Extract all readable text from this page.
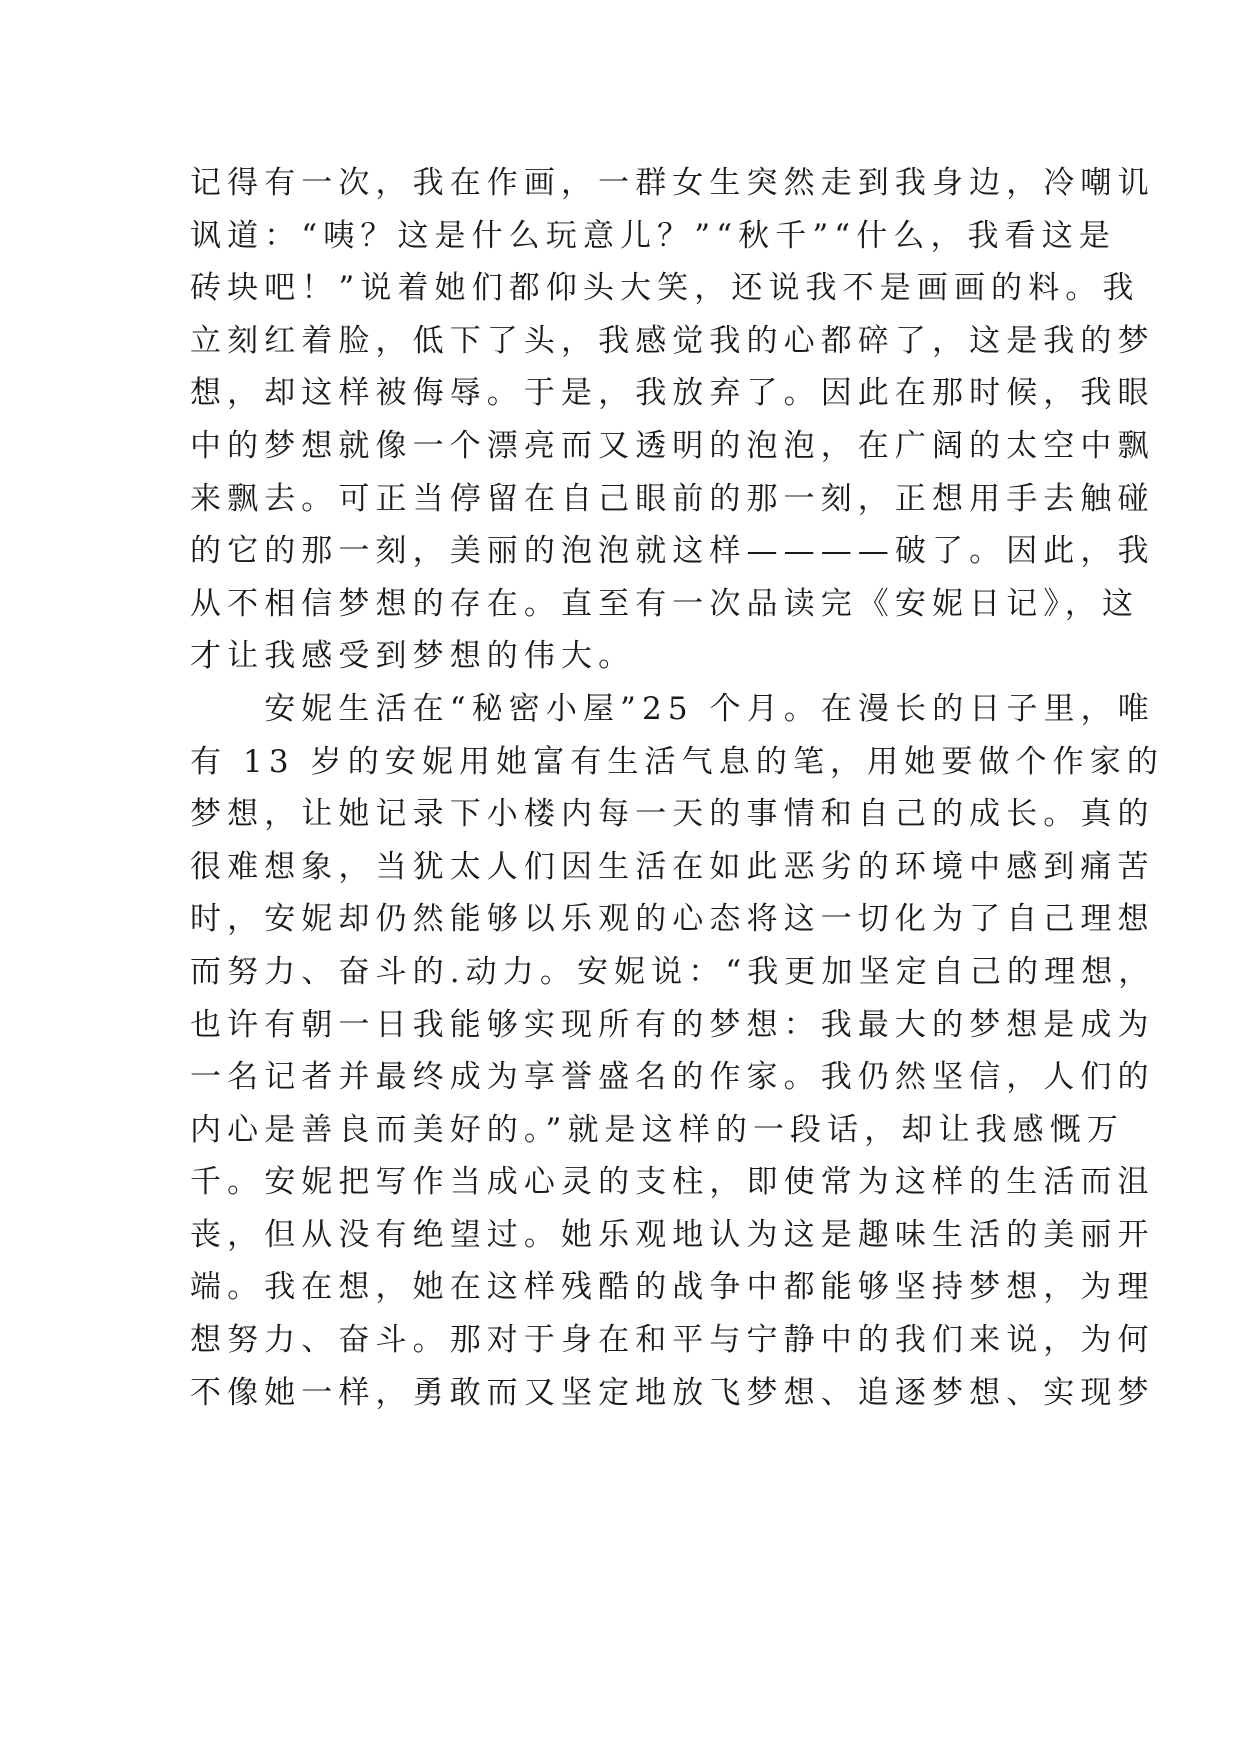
记得有一次，我在作画，一群女生突然走到我身边，冷嘲讥
讽道：“咦？这是什么玩意儿？”“秋千”“什么，我看这是
砖块吧！”说着她们都仰头大笑，还说我不是画画的料。我
立刻红着脸，低下了头，我感觉我的心都碎了，这是我的梦
想，却这样被侮辱。于是，我放弃了。因此在那时候，我眼
中的梦想就像一个漂亮而又透明的泡泡，在广阔的太空中飘
来飘去。可正当停留在自己眼前的那一刻，正想用手去触碰
的它的那一刻，美丽的泡泡就这样————破了。因此，我
从不相信梦想的存在。直至有一次品读完《安妮日记》，这
才让我感受到梦想的伟大。
　　安妮生活在“秘密小屋”25 个月。在漫长的日子里，唯
有 13 岁的安妮用她富有生活气息的笔，用她要做个作家的
梦想，让她记录下小楼内每一天的事情和自己的成长。真的
很难想象，当犹太人们因生活在如此恶劣的环境中感到痛苦
时，安妮却仍然能够以乐观的心态将这一切化为了自己理想
而努力、奋斗的.动力。安妮说：“我更加坚定自己的理想，
也许有朝一日我能够实现所有的梦想：我最大的梦想是成为
一名记者并最终成为享誉盛名的作家。我仍然坚信，人们的
内心是善良而美好的。”就是这样的一段话，却让我感慨万
千。安妮把写作当成心灵的支柱，即使常为这样的生活而沮
丧，但从没有绝望过。她乐观地认为这是趣味生活的美丽开
端。我在想，她在这样残酷的战争中都能够坚持梦想，为理
想努力、奋斗。那对于身在和平与宁静中的我们来说，为何
不像她一样，勇敢而又坚定地放飞梦想、追逐梦想、实现梦
